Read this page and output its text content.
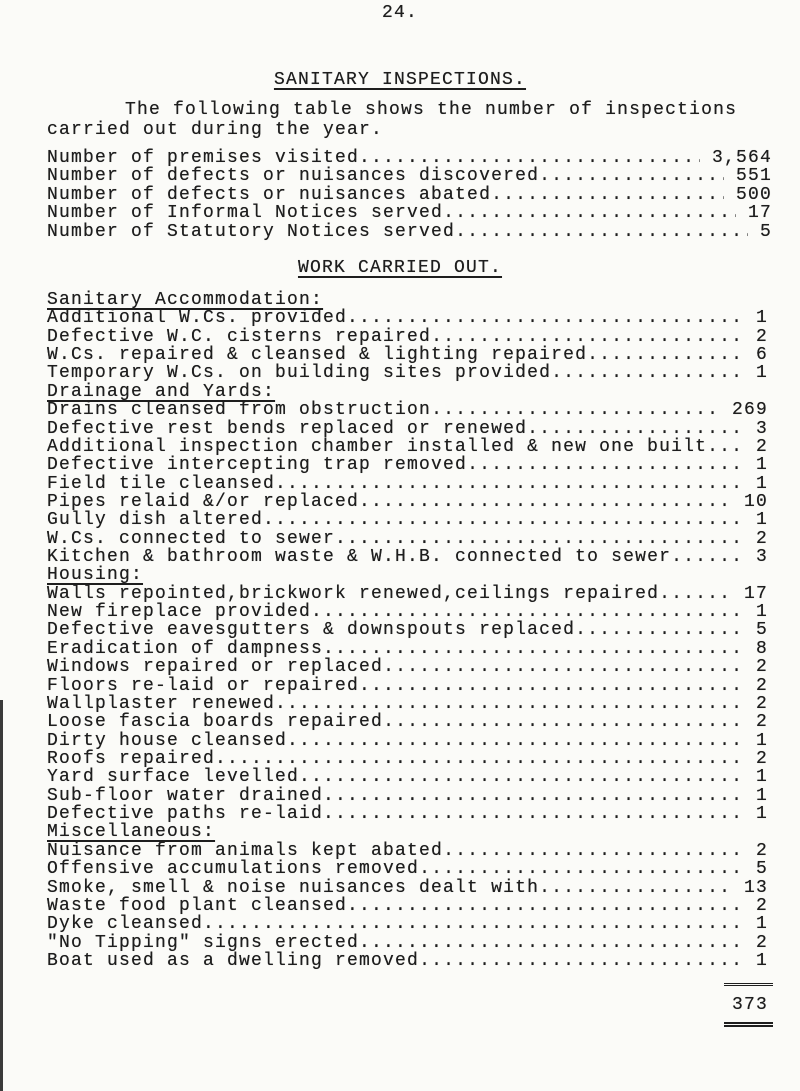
24.
SANITARY INSPECTIONS.

The following table shows the number of inspections carried out during the year.

Number of premises visited .....	3,564
Number of defects or nuisances discovered .....	551
Number of defects or nuisances abated .....	500
Number of Informal Notices served .....	17
Number of Statutory Notices served .....	5
WORK CARRIED OUT.
Sanitary Accommodation:
Additional W.Cs. provided .....	1
Defective W.C. cisterns repaired .....	2
W.Cs. repaired & cleansed & lighting repaired .....	6
Temporary W.Cs. on building sites provided .....	1
Drainage and Yards:
Drains cleansed from obstruction .....	269
Defective rest bends replaced or renewed .....	3
Additional inspection chamber installed & new one built .....	2
Defective intercepting trap removed .....	1
Field tile cleansed .....	1
Pipes relaid &/or replaced .....	10
Gully dish altered .....	1
W.Cs. connected to sewer .....	2
Kitchen & bathroom waste & W.H.B. connected to sewer .....	3
Housing:
Walls repointed,brickwork renewed,ceilings repaired .....	17
New fireplace provided .....	1
Defective eavesgutters & downspouts replaced .....	5
Eradication of dampness .....	8
Windows repaired or replaced .....	2
Floors re-laid or repaired .....	2
Wallplaster renewed .....	2
Loose fascia boards repaired .....	2
Dirty house cleansed .....	1
Roofs repaired .....	2
Yard surface levelled .....	1
Sub-floor water drained .....	1
Defective paths re-laid .....	1
Miscellaneous:
Nuisance from animals kept abated .....	2
Offensive accumulations removed .....	5
Smoke, smell & noise nuisances dealt with .....	13
Waste food plant cleansed .....	2
Dyke cleansed .....	1
"No Tipping" signs erected .....	2
Boat used as a dwelling removed .....	1
373
